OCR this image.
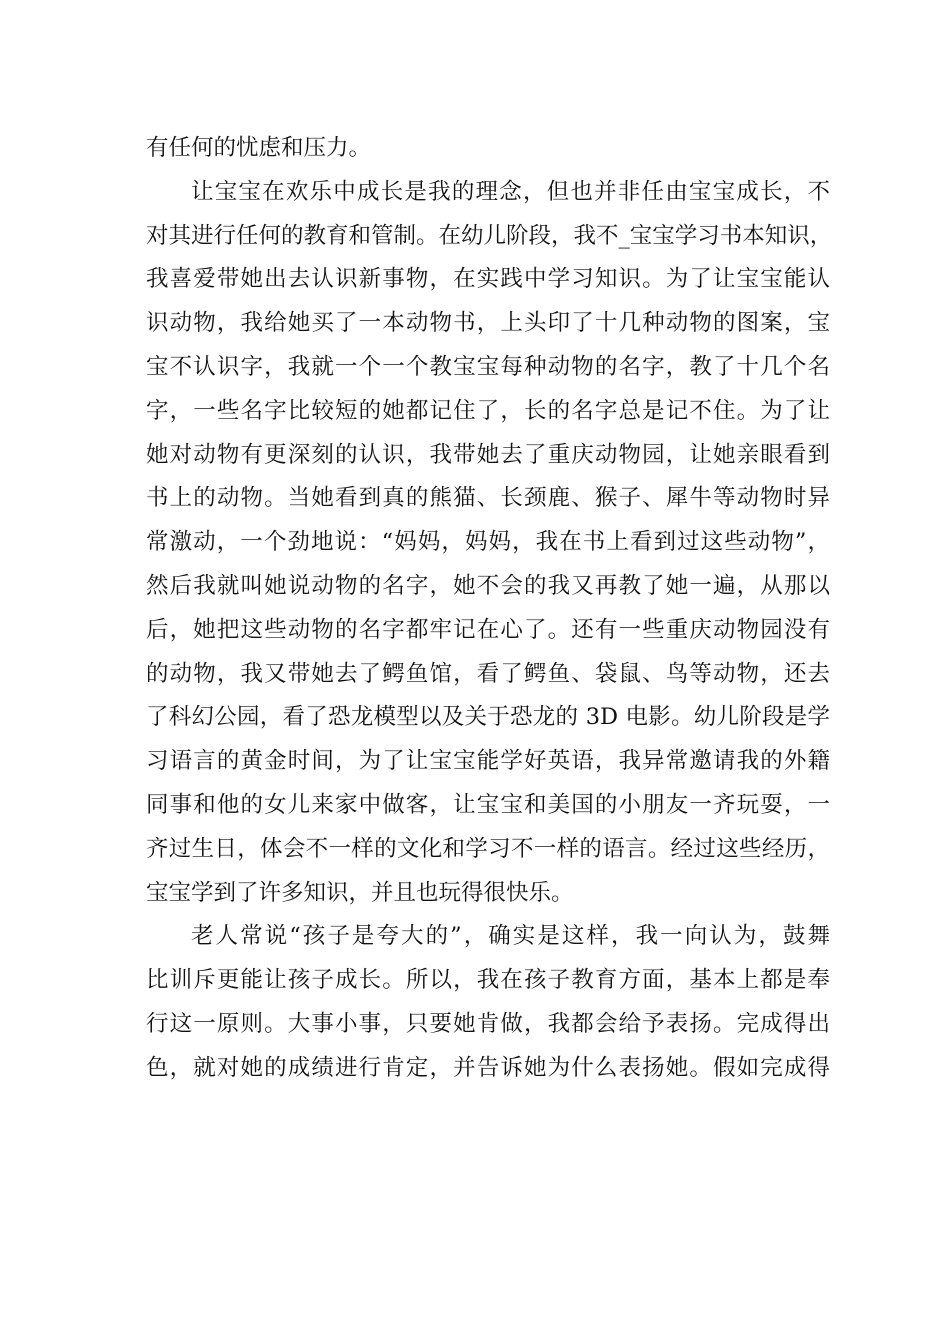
有任何的忧虑和压力。
让宝宝在欢乐中成长是我的理念，但也并非任由宝宝成长，不
对其进行任何的教育和管制。在幼儿阶段，我不_宝宝学习书本知识，
我喜爱带她出去认识新事物，在实践中学习知识。为了让宝宝能认
识动物，我给她买了一本动物书，上头印了十几种动物的图案，宝
宝不认识字，我就一个一个教宝宝每种动物的名字，教了十几个名
字，一些名字比较短的她都记住了，长的名字总是记不住。为了让
她对动物有更深刻的认识，我带她去了重庆动物园，让她亲眼看到
书上的动物。当她看到真的熊猫、长颈鹿、猴子、犀牛等动物时异
常激动，一个劲地说：“妈妈，妈妈，我在书上看到过这些动物”，
然后我就叫她说动物的名字，她不会的我又再教了她一遍，从那以
后，她把这些动物的名字都牢记在心了。还有一些重庆动物园没有
的动物，我又带她去了鳄鱼馆，看了鳄鱼、袋鼠、鸟等动物，还去
了科幻公园，看了恐龙模型以及关于恐龙的 3D 电影。幼儿阶段是学
习语言的黄金时间，为了让宝宝能学好英语，我异常邀请我的外籍
同事和他的女儿来家中做客，让宝宝和美国的小朋友一齐玩耍，一
齐过生日，体会不一样的文化和学习不一样的语言。经过这些经历，
宝宝学到了许多知识，并且也玩得很快乐。
老人常说“孩子是夸大的”，确实是这样，我一向认为，鼓舞
比训斥更能让孩子成长。所以，我在孩子教育方面，基本上都是奉
行这一原则。大事小事，只要她肯做，我都会给予表扬。完成得出
色，就对她的成绩进行肯定，并告诉她为什么表扬她。假如完成得
